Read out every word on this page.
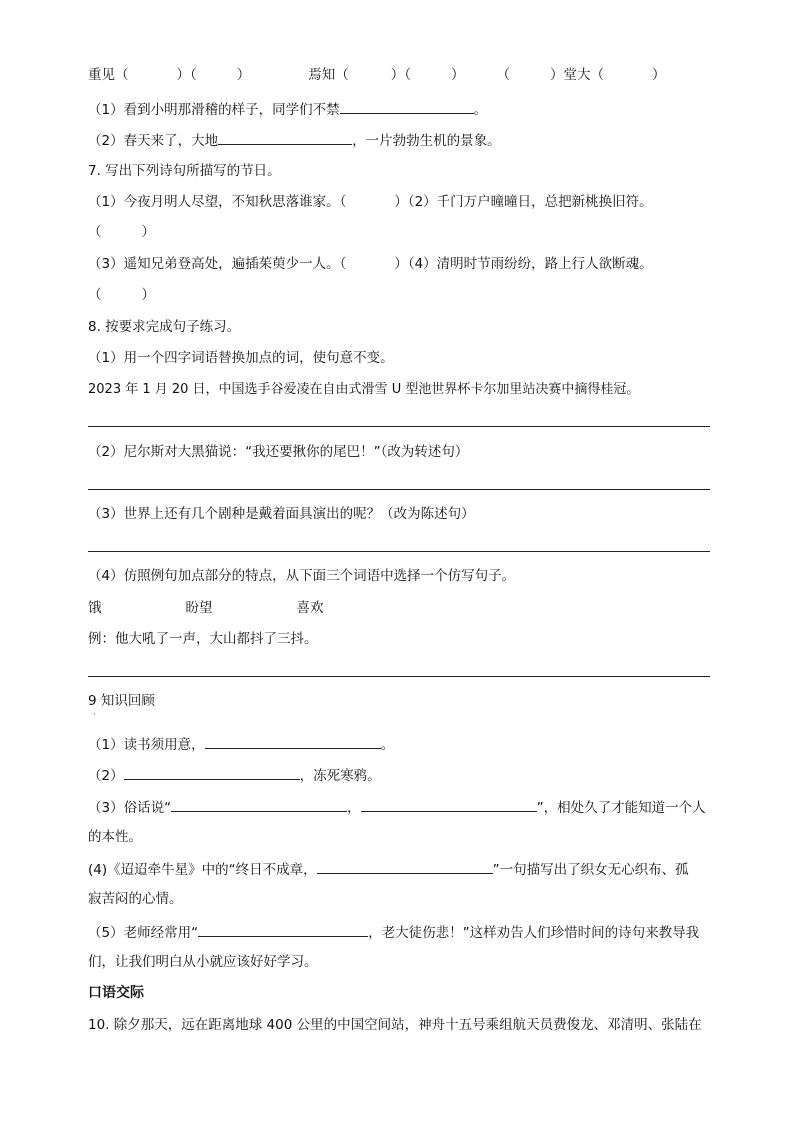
重见（	）（	）	焉知（	）（	） （	）堂大（	）
（1）看到小明那滑稽的样子，同学们不禁	。
（2）春天来了，大地	，一片勃勃生机的景象。
7. 写出下列诗句所描写的节日。
（1）今夜月明人尽望，不知秋思落谁家。（	）（2）千门万户曈曈日，总把新桃换旧符。
（	）
（3）遥知兄弟登高处，遍插茱萸少一人。（	）（4）清明时节雨纷纷，路上行人欲断魂。
（	）
8. 按要求完成句子练习。
（1）用一个四字词语替换加点的词，使句意不变。
2023 年 1 月 20 日，中国选手谷爱凌在自由式滑雪 U 型池世界杯卡尔加里站决赛中摘得桂冠。
（2）尼尔斯对大黑猫说：“我还要揪你的尾巴！”（改为转述句）
（3）世界上还有几个剧种是戴着面具演出的呢？（改为陈述句）
（4）仿照例句加点部分的特点，从下面三个词语中选择一个仿写句子。
饿	盼望	喜欢
例：他大吼了一声，大山都抖了三抖。
9 知识回顾
·
（1）读书须用意，	。
（2）	，冻死寒鸦。
（3）俗话说“	，	”，相处久了才能知道一个人
的本性。
(4)《迢迢牵牛星》中的“终日不成章，	”一句描写出了织女无心织布、孤
寂苦闷的心情。
（5）老师经常用“	，老大徒伤悲！”这样劝告人们珍惜时间的诗句来教导我
们，让我们明白从小就应该好好学习。
口语交际
10. 除夕那天，远在距离地球 400 公里的中国空间站，神舟十五号乘组航天员费俊龙、邓清明、张陆在
